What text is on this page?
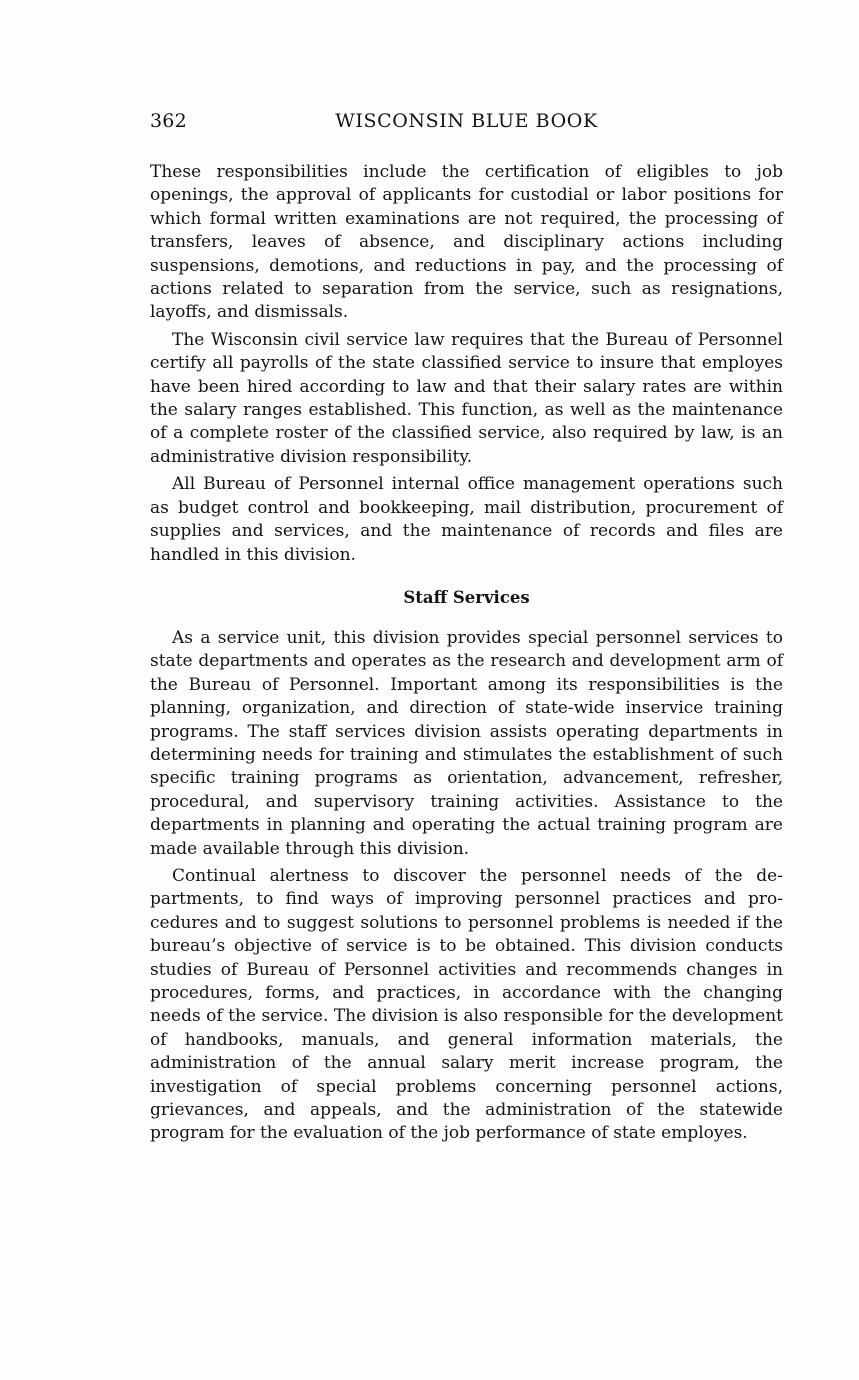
362	WISCONSIN BLUE BOOK

These responsibilities include the certification of eligibles to job openings, the approval of applicants for custodial or labor positions for which formal written examinations are not required, the processing of transfers, leaves of absence, and disciplinary actions including suspensions, demotions, and reductions in pay, and the processing of actions related to separation from the service, such as resignations, layoffs, and dismissals.

The Wisconsin civil service law requires that the Bureau of Personnel certify all payrolls of the state classified service to insure that employes have been hired according to law and that their salary rates are within the salary ranges established. This function, as well as the maintenance of a complete roster of the classified service, also required by law, is an administrative division responsibility.

All Bureau of Personnel internal office management operations such as budget control and bookkeeping, mail distribution, procurement of supplies and services, and the maintenance of records and files are handled in this division.

Staff Services

As a service unit, this division provides special personnel services to state departments and operates as the research and development arm of the Bureau of Personnel. Important among its responsibilities is the planning, organization, and direction of state-wide inservice training programs. The staff services division assists operating departments in determining needs for training and stimulates the establishment of such specific training programs as orientation, advancement, refresher, procedural, and supervisory training activities. Assistance to the departments in planning and operating the actual training program are made available through this division.

Continual alertness to discover the personnel needs of the departments, to find ways of improving personnel practices and procedures and to suggest solutions to personnel problems is needed if the bureau’s objective of service is to be obtained. This division conducts studies of Bureau of Personnel activities and recommends changes in procedures, forms, and practices, in accordance with the changing needs of the service. The division is also responsible for the development of handbooks, manuals, and general information materials, the administration of the annual salary merit increase program, the investigation of special problems concerning personnel actions, grievances, and appeals, and the administration of the statewide program for the evaluation of the job performance of state employes.
